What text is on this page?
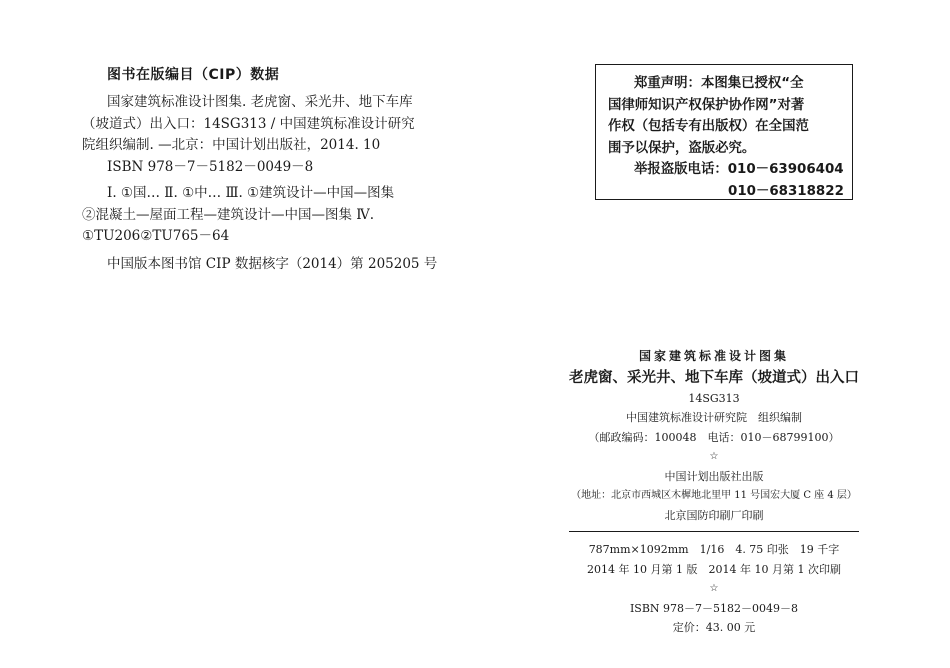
图书在版编目（CIP）数据
国家建筑标准设计图集. 老虎窗、采光井、地下车库
（坡道式）出入口：14SG313 / 中国建筑标准设计研究
院组织编制. —北京：中国计划出版社，2014. 10
ISBN 978－7－5182－0049－8
Ⅰ. ①国… Ⅱ. ①中… Ⅲ. ①建筑设计—中国—图集
②混凝土—屋面工程—建筑设计—中国—图集 Ⅳ.
①TU206②TU765－64
中国版本图书馆 CIP 数据核字（2014）第 205205 号
郑重声明：本图集已授权“全
国律师知识产权保护协作网”对著
作权（包括专有出版权）在全国范
围予以保护，盗版必究。
举报盗版电话：010－63906404
010－68318822
国家建筑标准设计图集
老虎窗、采光井、地下车库（坡道式）出入口
14SG313
中国建筑标准设计研究院　组织编制
（邮政编码：100048　电话：010－68799100）
☆
中国计划出版社出版
（地址：北京市西城区木樨地北里甲 11 号国宏大厦 C 座 4 层）
北京国防印刷厂印刷
787mm×1092mm　1/16　4. 75 印张　19 千字
2014 年 10 月第 1 版　2014 年 10 月第 1 次印刷
☆
ISBN 978－7－5182－0049－8
定价：43. 00 元
